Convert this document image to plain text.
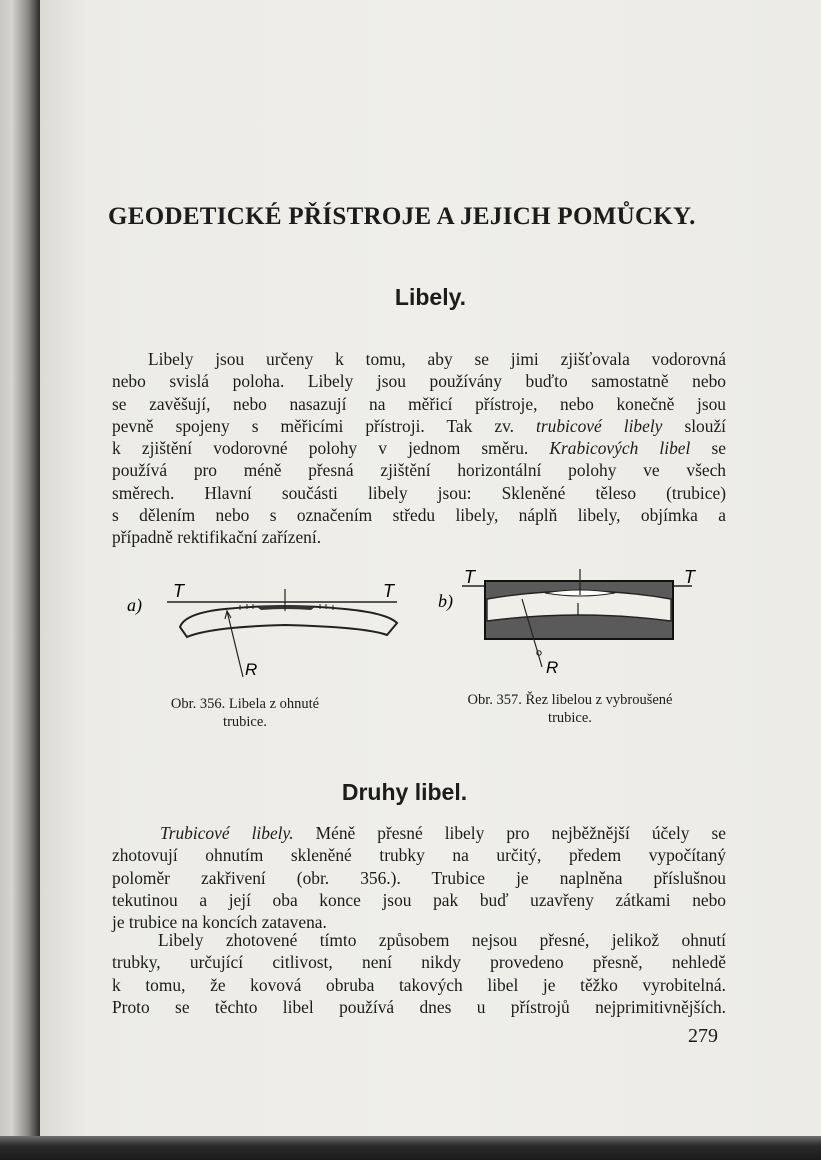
GEODETICKÉ PŘÍSTROJE A JEJICH POMŮCKY.
Libely.

Libely jsou určeny k tomu, aby se jimi zjišťovala vodorovná
nebo svislá poloha. Libely jsou používány buďto samostatně nebo
se zavěšují, nebo nasazují na měřicí přístroje, nebo konečně jsou
pevně spojeny s měřicími přístroji. Tak zv. trubicové libely slouží
k zjištění vodorovné polohy v jednom směru. Krabicových libel se
používá pro méně přesná zjištění horizontální polohy ve všech
směrech. Hlavní součásti libely jsou: Skleněné těleso (trubice)
s dělením nebo s označením středu libely, náplň libely, objímka a
případně rektifikační zařízení.

a)
T	T
R
b)
T	T
R

Obr. 356. Libela z ohnuté
trubice.

Obr. 357. Řez libelou z vybroušené
trubice.

Druhy libel.

Trubicové libely. Méně přesné libely pro nejběžnější účely se
zhotovují ohnutím skleněné trubky na určitý, předem vypočítaný
poloměr zakřivení (obr. 356.). Trubice je naplněna příslušnou
tekutinou a její oba konce jsou pak buď uzavřeny zátkami nebo
je trubice na koncích zatavena.

Libely zhotovené tímto způsobem nejsou přesné, jelikož ohnutí
trubky, určující citlivost, není nikdy provedeno přesně, nehledě
k tomu, že kovová obruba takových libel je těžko vyrobitelná.
Proto se těchto libel používá dnes u přístrojů nejprimitivnějších.

279
